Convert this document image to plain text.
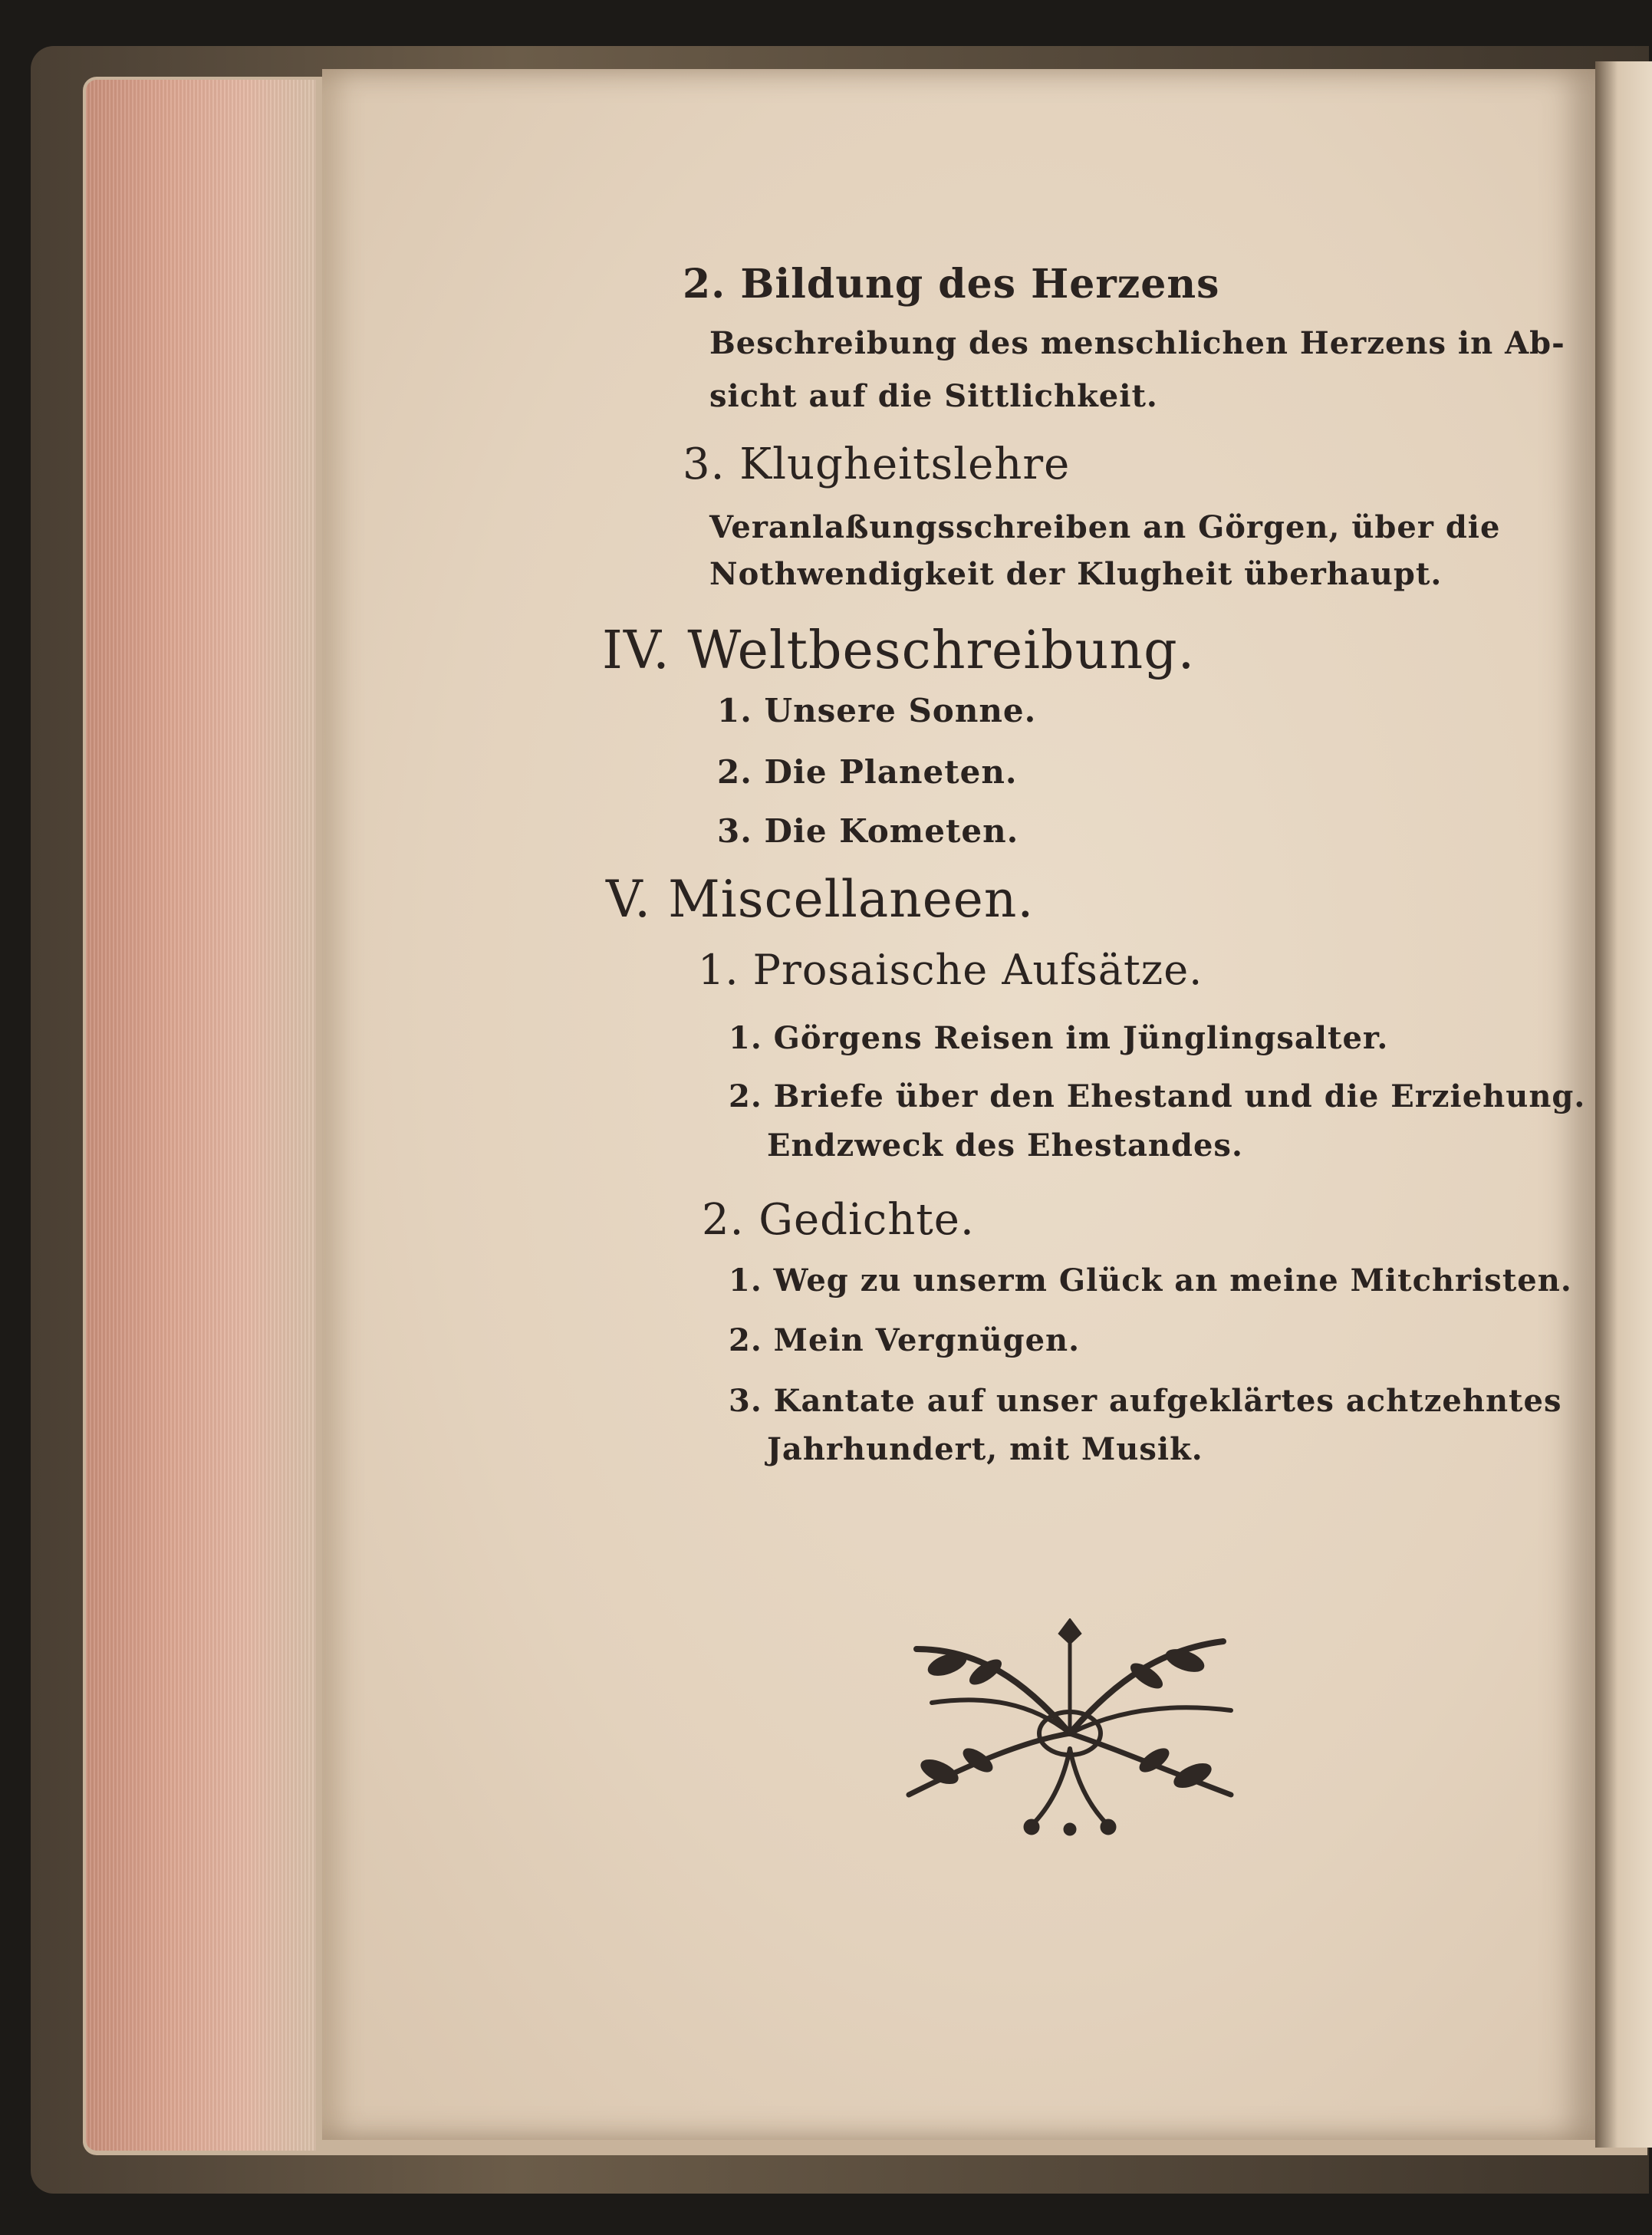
2. Bildung des Herzens
Beschreibung des menschlichen Herzens in Ab-
sicht auf die Sittlichkeit.
3. Klugheitslehre
Veranlaßungsschreiben an Görgen, über die
Nothwendigkeit der Klugheit überhaupt.
IV. Weltbeschreibung.
1. Unsere Sonne.
2. Die Planeten.
3. Die Kometen.
V. Miscellaneen.
1. Prosaische Aufsätze.
1. Görgens Reisen im Jünglingsalter.
2. Briefe über den Ehestand und die Erziehung.
Endzweck des Ehestandes.
2. Gedichte.
1. Weg zu unserm Glück an meine Mitchristen.
2. Mein Vergnügen.
3. Kantate auf unser aufgeklärtes achtzehntes
Jahrhundert, mit Musik.
